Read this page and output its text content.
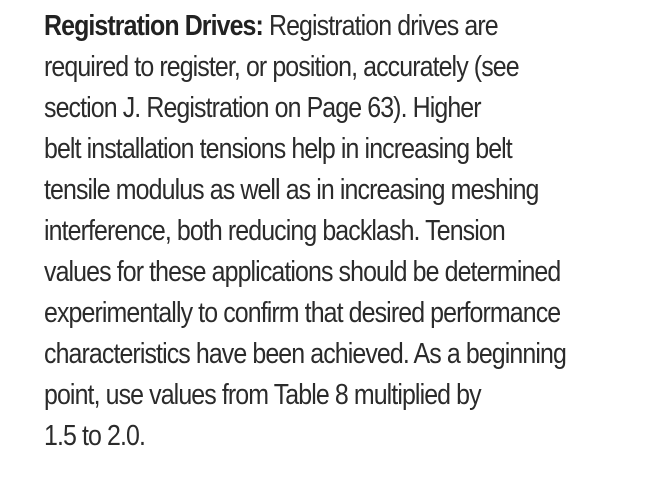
Registration Drives: Registration drives are
required to register, or position, accurately (see
section J. Registration on Page 63). Higher
belt installation tensions help in increasing belt
tensile modulus as well as in increasing meshing
interference, both reducing backlash. Tension
values for these applications should be determined
experimentally to confirm that desired performance
characteristics have been achieved. As a beginning
point, use values from Table 8 multiplied by
1.5 to 2.0.
